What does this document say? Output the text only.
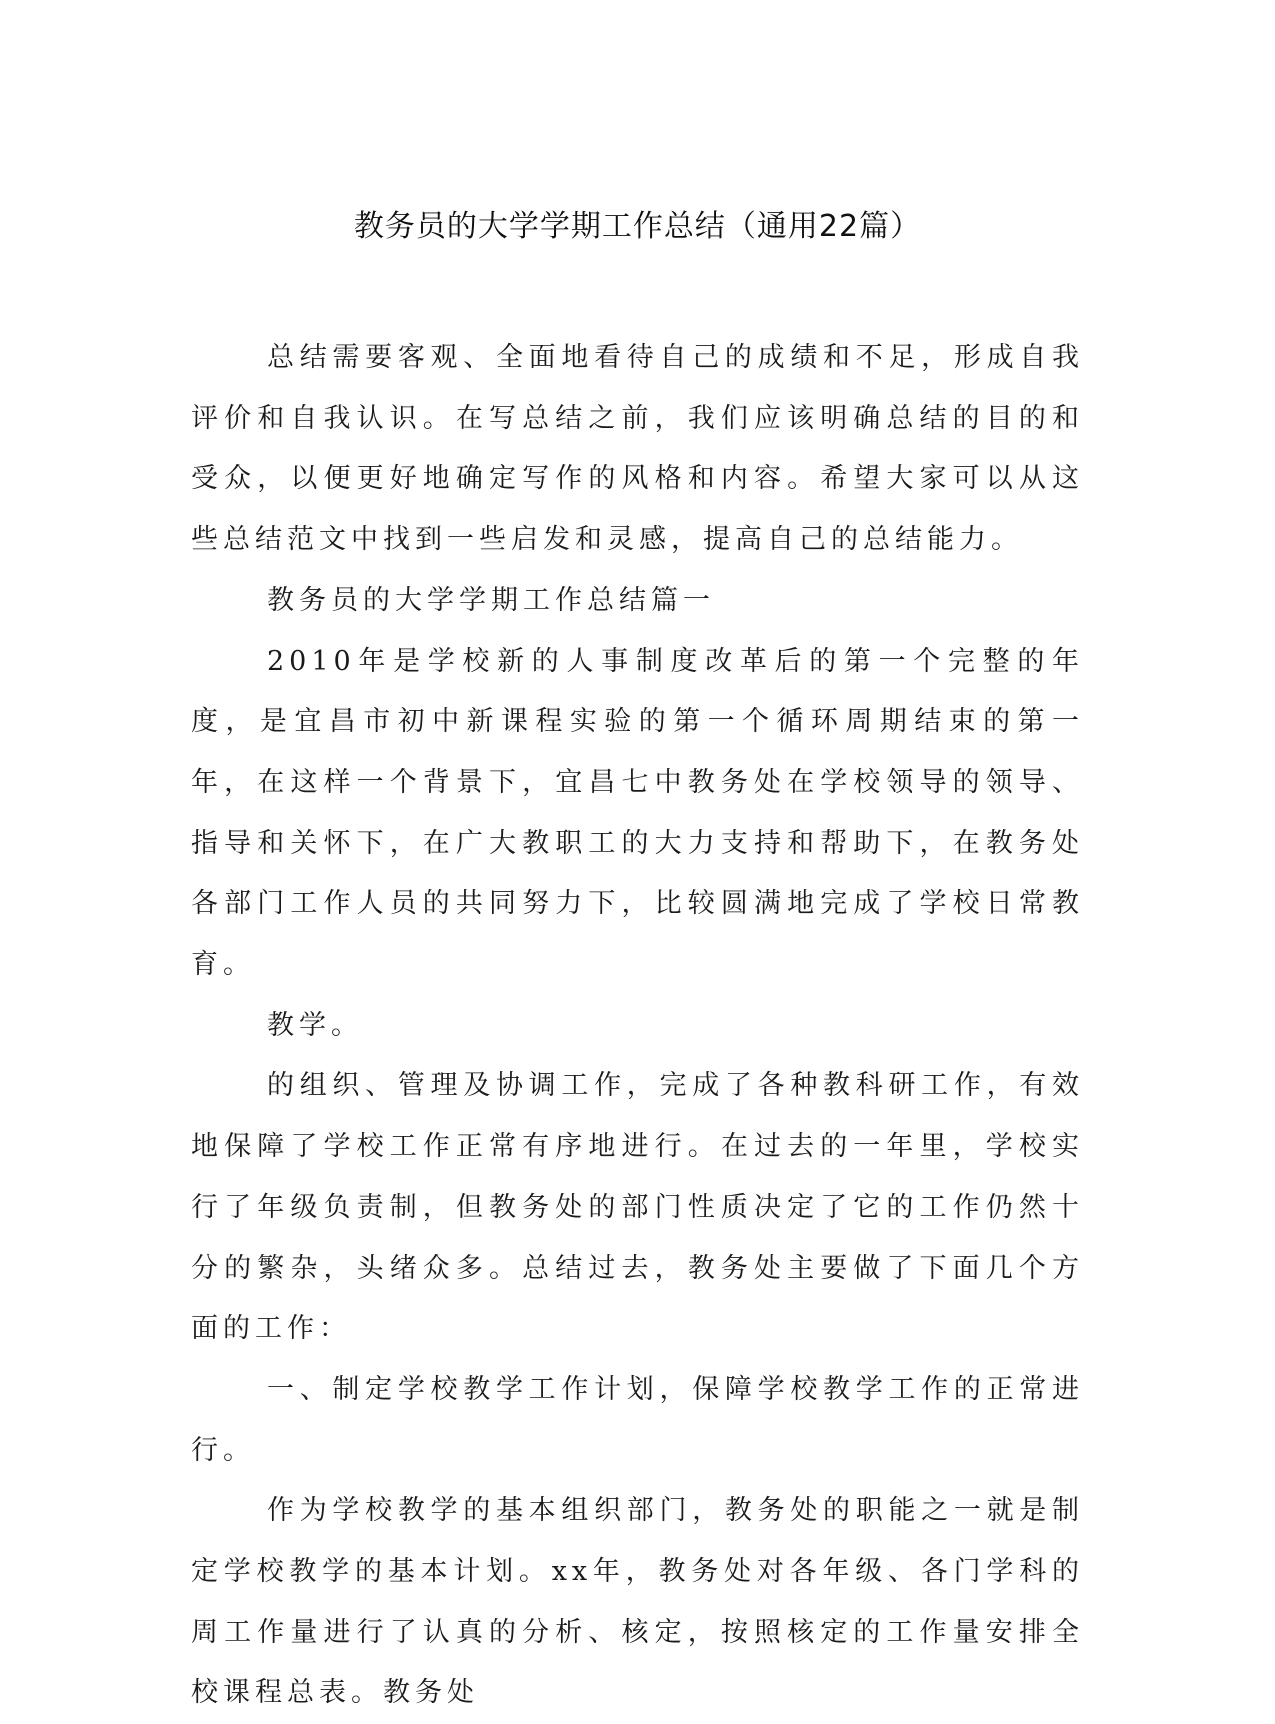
教务员的大学学期工作总结（通用22篇）

总结需要客观、全面地看待自己的成绩和不足，形成自我评价和自我认识。在写总结之前，我们应该明确总结的目的和受众，以便更好地确定写作的风格和内容。希望大家可以从这些总结范文中找到一些启发和灵感，提高自己的总结能力。

教务员的大学学期工作总结篇一

2010年是学校新的人事制度改革后的第一个完整的年度，是宜昌市初中新课程实验的第一个循环周期结束的第一年，在这样一个背景下，宜昌七中教务处在学校领导的领导、指导和关怀下，在广大教职工的大力支持和帮助下，在教务处各部门工作人员的共同努力下，比较圆满地完成了学校日常教育。

教学。

的组织、管理及协调工作，完成了各种教科研工作，有效地保障了学校工作正常有序地进行。在过去的一年里，学校实行了年级负责制，但教务处的部门性质决定了它的工作仍然十分的繁杂，头绪众多。总结过去，教务处主要做了下面几个方面的工作：

一、制定学校教学工作计划，保障学校教学工作的正常进行。

作为学校教学的基本组织部门，教务处的职能之一就是制定学校教学的基本计划。xx年，教务处对各年级、各门学科的周工作量进行了认真的分析、核定，按照核定的工作量安排全校课程总表。教务处
